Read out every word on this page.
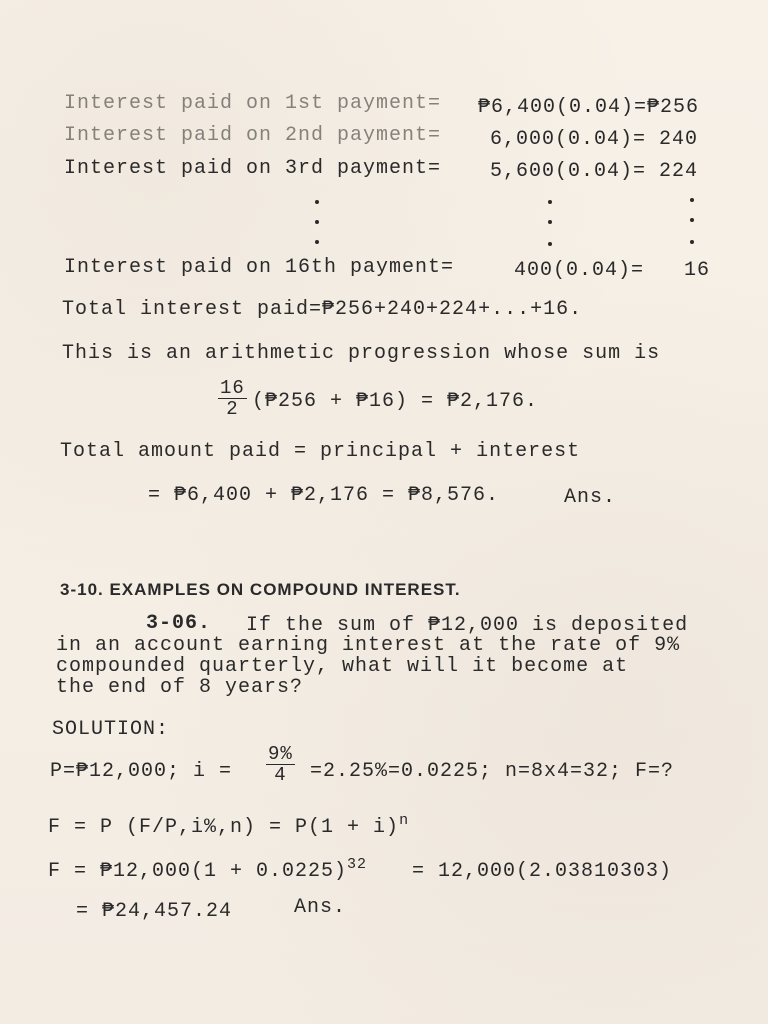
Interest paid on 1st payment= ₱6,400(0.04)=₱256
Interest paid on 2nd payment= 6,000(0.04)= 240
Interest paid on 3rd payment= 5,600(0.04)= 224
Interest paid on 16th payment=	400(0.04)= 16
Total interest paid=₱256+240+224+...+16.
This is an arithmetic progression whose sum is
$\frac{16}{2}$ (₱256 + ₱16) = ₱2,176.
Total amount paid = principal + interest
= ₱6,400 + ₱2,176 = ₱8,576.	Ans.
3-10. EXAMPLES ON COMPOUND INTEREST.
3-06. If the sum of ₱12,000 is deposited
in an account earning interest at the rate of 9%
compounded quarterly, what will it become at
the end of 8 years?
SOLUTION:
P=₱12,000; $i = \frac{9\%}{4} =2.25\%=0.0225$; n=8x4=32; F=?
F = P $(F/P,i\%,n) = P(1 + i)^n$
F = ₱12,000(1 + 0.0225)$^{32}$ = 12,000(2.03810303)
= ₱24,457.24	Ans.
